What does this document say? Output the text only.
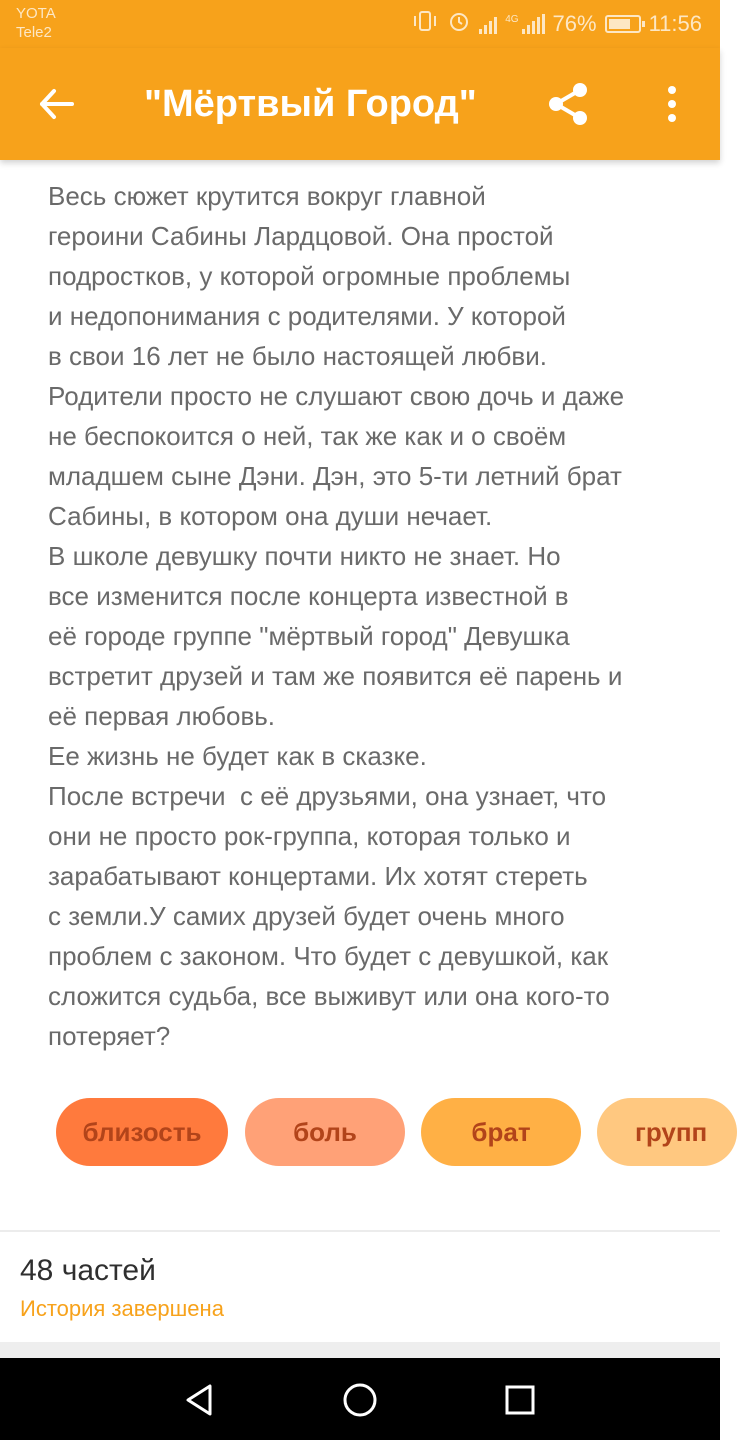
YOTA
Tele2
4G 76% 11:56
"Мёртвый Город"
Весь сюжет крутится вокруг главной
героини Сабины Лардцовой. Она простой
подростков, у которой огромные проблемы
и недопонимания с родителями. У которой
в свои 16 лет не было настоящей любви.
Родители просто не слушают свою дочь и даже
не беспокоится о ней, так же как и о своём
младшем сыне Дэни. Дэн, это 5-ти летний брат
Сабины, в котором она души нечает.
В школе девушку почти никто не знает. Но
все изменится после концерта известной в
её городе группе "мёртвый город" Девушка
встретит друзей и там же появится её парень и
её первая любовь.
Ее жизнь не будет как в сказке.
После встречи  с её друзьями, она узнает, что
они не просто рок-группа, которая только и
зарабатывают концертами. Их хотят стереть
с земли.У самих друзей будет очень много
проблем с законом. Что будет с девушкой, как
сложится судьба, все выживут или она кого-то
потеряет?
близость	боль	брат	групп
48 частей
История завершена
